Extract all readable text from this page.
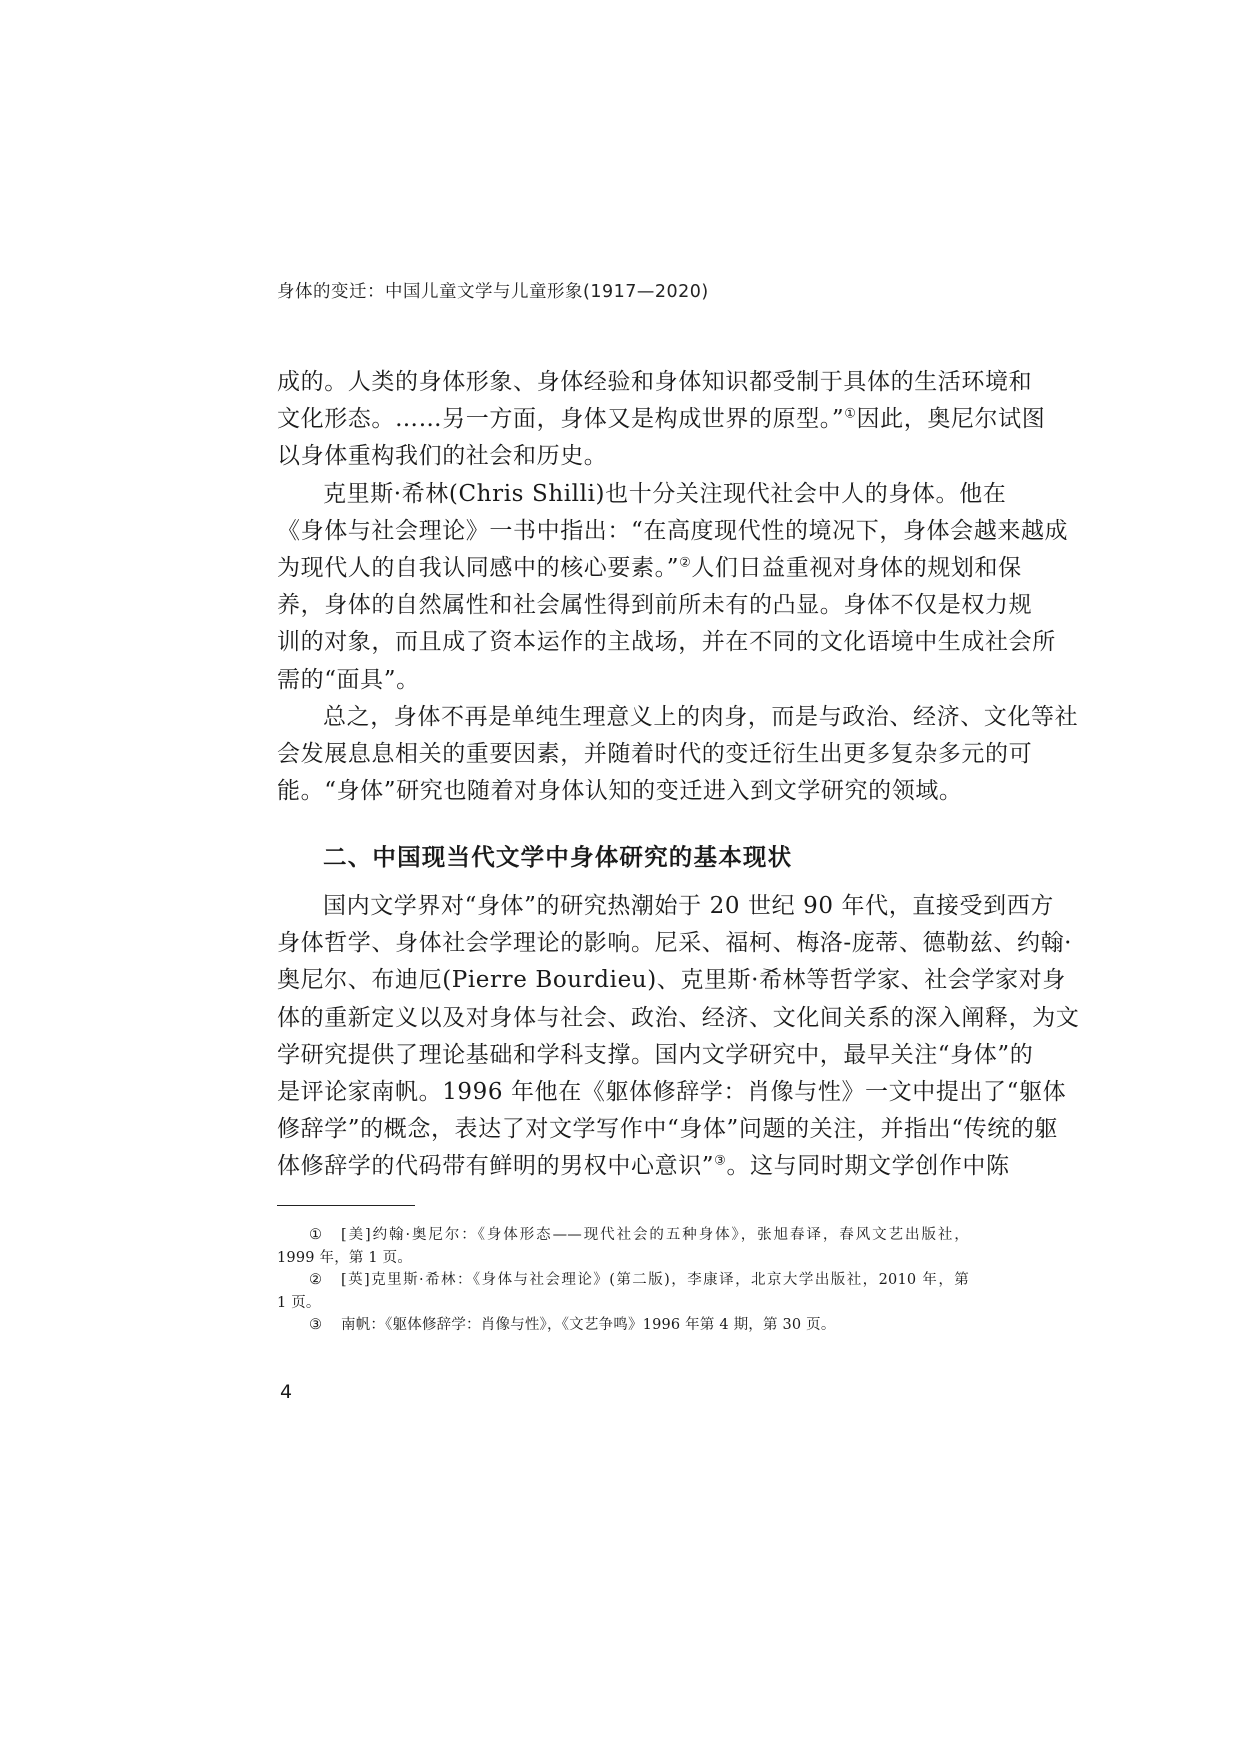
身体的变迁：中国儿童文学与儿童形象(1917—2020)
成的。人类的身体形象、身体经验和身体知识都受制于具体的生活环境和
文化形态。……另一方面，身体又是构成世界的原型。”①因此，奥尼尔试图
以身体重构我们的社会和历史。
克里斯·希林(Chris Shilli)也十分关注现代社会中人的身体。他在
《身体与社会理论》一书中指出：“在高度现代性的境况下，身体会越来越成
为现代人的自我认同感中的核心要素。”②人们日益重视对身体的规划和保
养，身体的自然属性和社会属性得到前所未有的凸显。身体不仅是权力规
训的对象，而且成了资本运作的主战场，并在不同的文化语境中生成社会所
需的“面具”。
总之，身体不再是单纯生理意义上的肉身，而是与政治、经济、文化等社
会发展息息相关的重要因素，并随着时代的变迁衍生出更多复杂多元的可
能。“身体”研究也随着对身体认知的变迁进入到文学研究的领域。
二、中国现当代文学中身体研究的基本现状
国内文学界对“身体”的研究热潮始于 20 世纪 90 年代，直接受到西方
身体哲学、身体社会学理论的影响。尼采、福柯、梅洛-庞蒂、德勒兹、约翰·
奥尼尔、布迪厄(Pierre Bourdieu)、克里斯·希林等哲学家、社会学家对身
体的重新定义以及对身体与社会、政治、经济、文化间关系的深入阐释，为文
学研究提供了理论基础和学科支撑。国内文学研究中，最早关注“身体”的
是评论家南帆。1996 年他在《躯体修辞学：肖像与性》一文中提出了“躯体
修辞学”的概念，表达了对文学写作中“身体”问题的关注，并指出“传统的躯
体修辞学的代码带有鲜明的男权中心意识”③。这与同时期文学创作中陈
① [美]约翰·奥尼尔：《身体形态——现代社会的五种身体》，张旭春译，春风文艺出版社，
1999 年，第 1 页。
② [英]克里斯·希林：《身体与社会理论》(第二版)，李康译，北京大学出版社，2010 年，第
1 页。
③ 南帆：《躯体修辞学：肖像与性》，《文艺争鸣》1996 年第 4 期，第 30 页。
4
